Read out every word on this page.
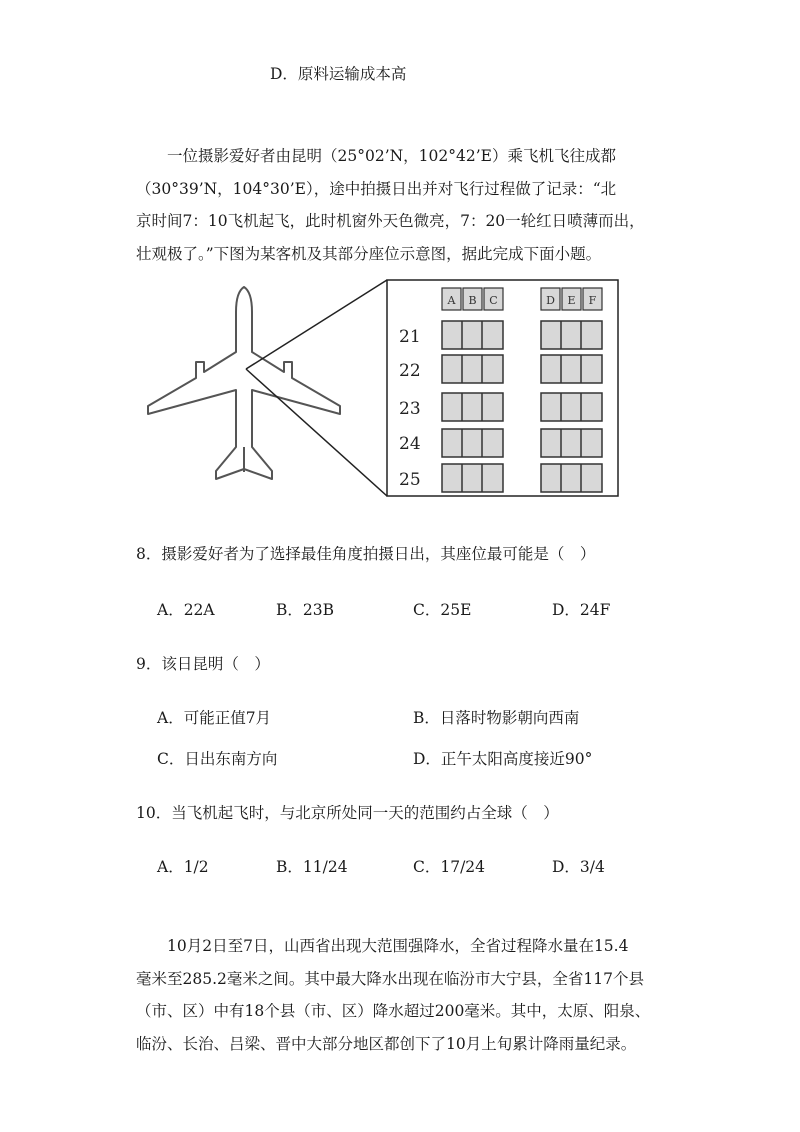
D．原料运输成本高

　　一位摄影爱好者由昆明（25°02’N，102°42’E）乘飞机飞往成都

（30°39’N，104°30’E），途中拍摄日出并对飞行过程做了记录：“北

京时间7：10飞机起飞，此时机窗外天色微亮，7：20一轮红日喷薄而出，

壮观极了。”下图为某客机及其部分座位示意图，据此完成下面小题。

A B C	D E F
21
22
23
24
25
8．摄影爱好者为了选择最佳角度拍摄日出，其座位最可能是（　）
A．22A	B．23B	C．25E	D．24F
9．该日昆明（　）
A．可能正值7月	B．日落时物影朝向西南
C．日出东南方向	D．正午太阳高度接近90°
10．当飞机起飞时，与北京所处同一天的范围约占全球（　）
A．1/2	B．11/24	C．17/24	D．3/4

　　10月2日至7日，山西省出现大范围强降水，全省过程降水量在15.4

毫米至285.2毫米之间。其中最大降水出现在临汾市大宁县，全省117个县

（市、区）中有18个县（市、区）降水超过200毫米。其中，太原、阳泉、

临汾、长治、吕梁、晋中大部分地区都创下了10月上旬累计降雨量纪录。
